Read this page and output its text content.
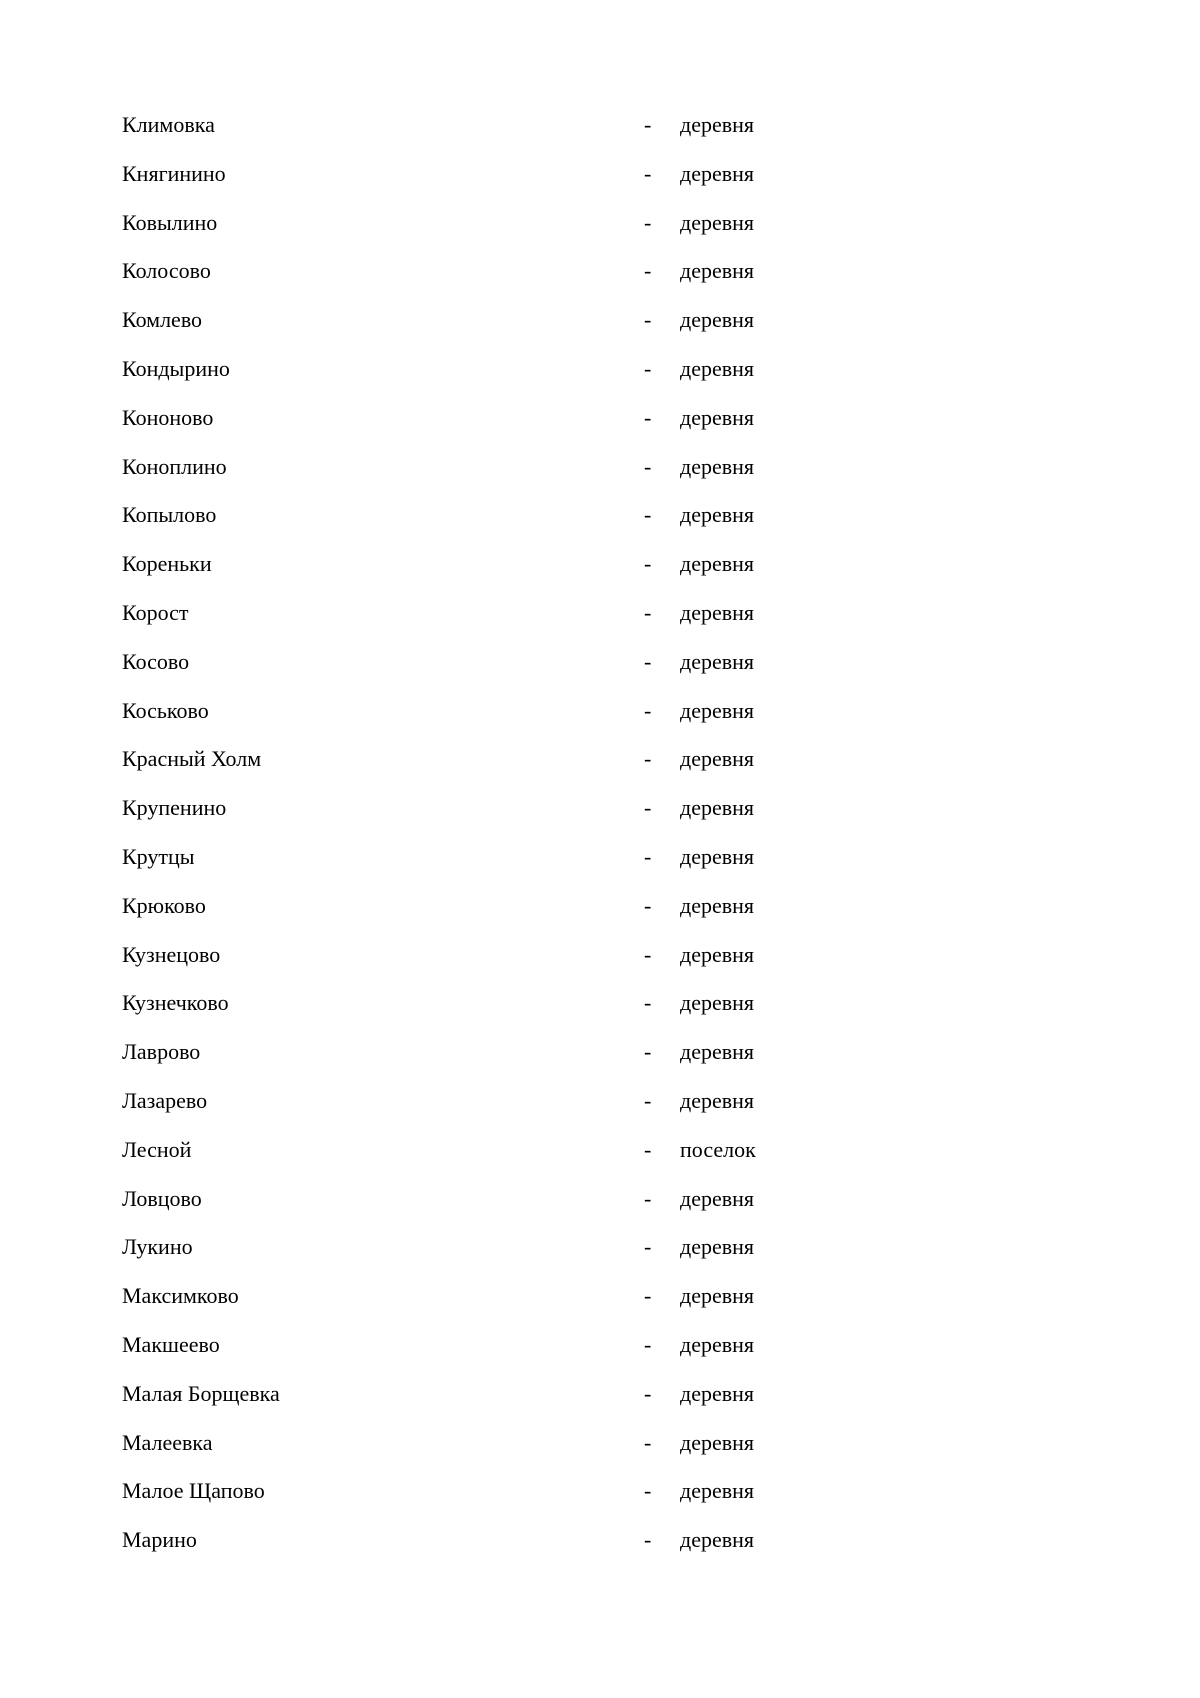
Климовка	- деревня
Княгинино	- деревня
Ковылино	- деревня
Колосово	- деревня
Комлево	- деревня
Кондырино	- деревня
Кононово	- деревня
Коноплино	- деревня
Копылово	- деревня
Кореньки	- деревня
Корост	- деревня
Косово	- деревня
Коськово	- деревня
Красный Холм	- деревня
Крупенино	- деревня
Крутцы	- деревня
Крюково	- деревня
Кузнецово	- деревня
Кузнечково	- деревня
Лаврово	- деревня
Лазарево	- деревня
Лесной	- поселок
Ловцово	- деревня
Лукино	- деревня
Максимково	- деревня
Макшеево	- деревня
Малая Борщевка	- деревня
Малеевка	- деревня
Малое Щапово	- деревня
Марино	- деревня
